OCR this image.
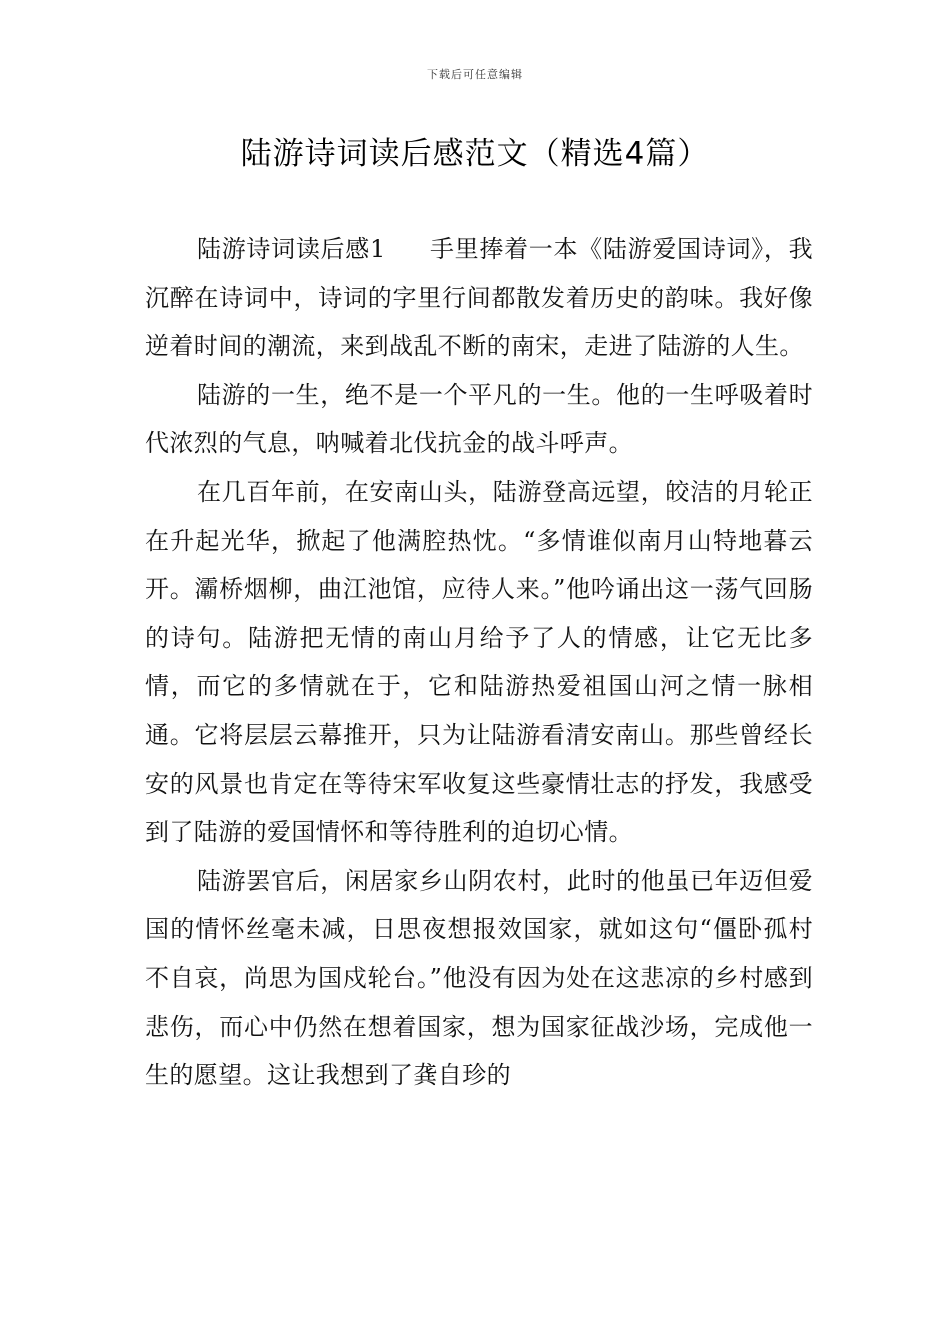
下载后可任意编辑
陆游诗词读后感范文（精选4篇）

陆游诗词读后感1 手里捧着一本《陆游爱国诗词》，我沉醉在诗词中，诗词的字里行间都散发着历史的韵味。我好像逆着时间的潮流，来到战乱不断的南宋，走进了陆游的人生。

陆游的一生，绝不是一个平凡的一生。他的一生呼吸着时代浓烈的气息，呐喊着北伐抗金的战斗呼声。

在几百年前，在安南山头，陆游登高远望，皎洁的月轮正在升起光华，掀起了他满腔热忱。“多情谁似南月山特地暮云开。灞桥烟柳，曲江池馆，应待人来。”他吟诵出这一荡气回肠的诗句。陆游把无情的南山月给予了人的情感，让它无比多情，而它的多情就在于，它和陆游热爱祖国山河之情一脉相通。它将层层云幕推开，只为让陆游看清安南山。那些曾经长安的风景也肯定在等待宋军收复这些豪情壮志的抒发，我感受到了陆游的爱国情怀和等待胜利的迫切心情。

陆游罢官后，闲居家乡山阴农村，此时的他虽已年迈但爱国的情怀丝毫未减，日思夜想报效国家，就如这句“僵卧孤村不自哀，尚思为国戍轮台。”他没有因为处在这悲凉的乡村感到悲伤，而心中仍然在想着国家，想为国家征战沙场，完成他一生的愿望。这让我想到了龚自珍的
